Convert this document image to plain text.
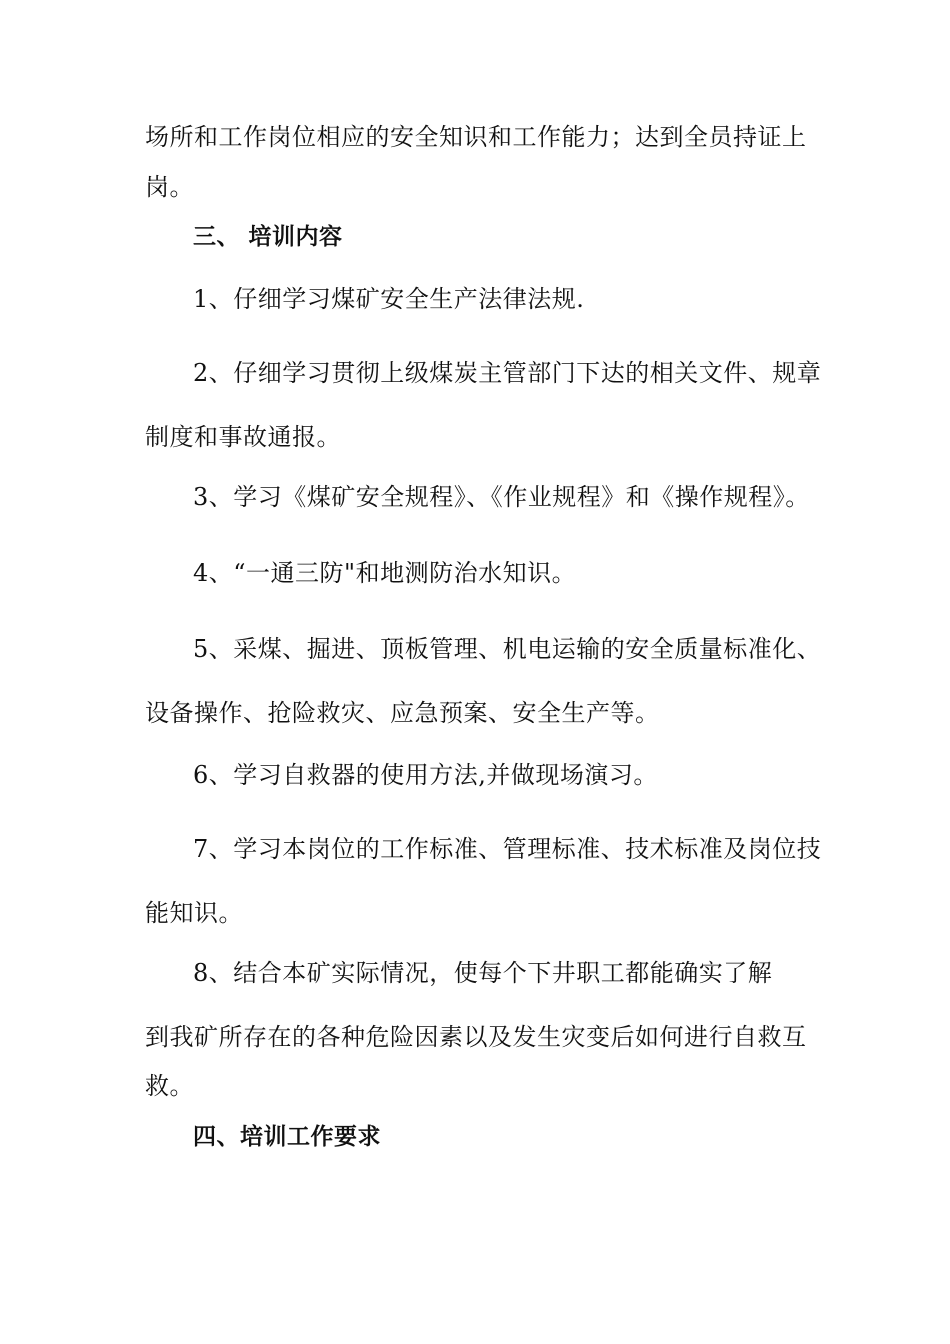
场所和工作岗位相应的安全知识和工作能力；达到全员持证上
岗。
三、 培训内容
1、仔细学习煤矿安全生产法律法规.
2、仔细学习贯彻上级煤炭主管部门下达的相关文件、规章
制度和事故通报。
3、学习《煤矿安全规程》、《作业规程》和《操作规程》。
4、“一通三防"和地测防治水知识。
5、采煤、掘进、顶板管理、机电运输的安全质量标准化、
设备操作、抢险救灾、应急预案、安全生产等。
6、学习自救器的使用方法,并做现场演习。
7、学习本岗位的工作标准、管理标准、技术标准及岗位技
能知识。
8、结合本矿实际情况，使每个下井职工都能确实了解
到我矿所存在的各种危险因素以及发生灾变后如何进行自救互
救。
四、培训工作要求
